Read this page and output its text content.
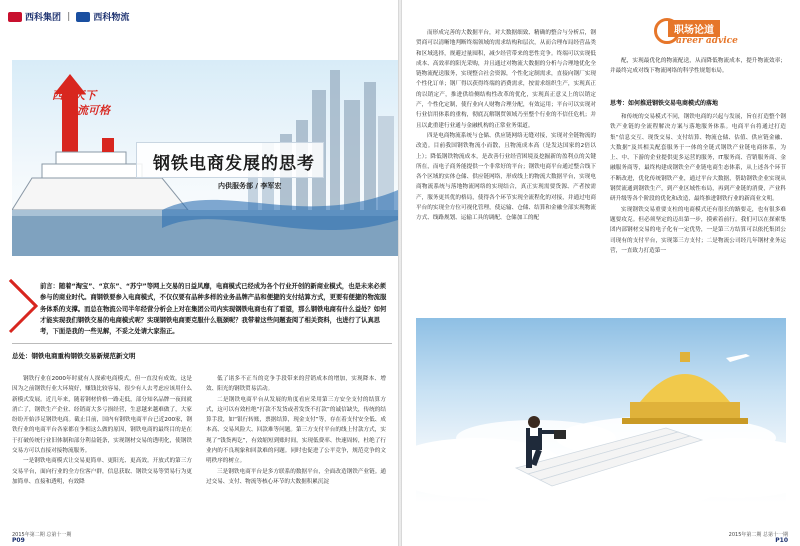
西科集团 |	西科物流
西承天下
物流可格
钢铁电商发展的思考
内供服务部 / 李军宏
前言：随着“淘宝”、“京东”、“苏宁”等网上交易的日益风靡，电商模式已经成为各个行业开创的新商业模式，也是未来必须参与的商业时代。商钢铁要参入电商模式，不仅仅要有品种多样的业务品牌产品和便捷的支付结算方式，更要有便捷的物流服务体系的支撑。而总在物流公司半年经营分析会上对在集团公司内实现钢铁电商也有了看望，那么钢铁电商有什么益处？如何才能实现我们钢铁交易的电商模式呢？实现钢铁电商要克服什么瓶颈呢？我带着这些问题查阅了相关资料，也进行了认真思考，下面是我的一些见解，不妥之处请大家指正。
总处：钢铁电商重构钢铁交易新规范新文明

钢铁行业在2000年时就有人探索电商模式，但一直没有成效。这是因为之前钢铁行业大环境好，赚钱比较容易，很少有人去考虑应该用什么新模式发展。近几年来，随着钢材价格一路走低，部分知名品牌一夜间就消亡了，钢铁生产企业、经销商大多亏损经营，生意越来越难做了，大家纷纷开始涉足钢铁电商。截止目前，国内有钢铁电商平台已近200家，钢铁行业的电商平台各家都在争相这么做的原因，钢铁电商的最终目的是在于打破传统行业旧体制和部分利益链条，实现钢材交易的透明化，使钢铁交易方可以直接对接物流服务。

一是钢铁电商模式让交易更简单、更阳光、更高效。开放式的第三方交易平台，面向行业的全方位客户群，信息获取、钢铁交易等贸易行为更加简单、直接和透明，有效降

低了诸多不正当的竞争手段带来的营销成本的增加，实现降本、增效、阳光的钢铁贸易活动。

二是钢铁电商平台从发展的角度看应采用第三方安全支付的结算方式，这可以有效杜绝“打款不发货或者发货不打款”的诚信缺失，传统的结算手段，如“银行转账，票据结算，现金支付”等，存在着支付安全低、成本高、交易风险大、回款难等问题。第三方支付平台的线上付款方式，实现了“钱货两讫”，有效缩短到账时间，实现低费率、快速周转，杜绝了行业内的不良现象和回款难的问题。同时也促进了公平竞争，规范竞争的文明秩序的树立。

三是钢铁电商平台是多方联系的数据平台，全面改造钢铁产业链。通过交易、支付、物流等核心环节的大数据积累沉淀

2015年第二期 总第十一期
P09
职场论道
areer advice

而形成完善的大数据平台，对大数据细致、精确的整合与分析后，钢贸商可以清晰地判断终端领域的需求结构和层次，从而合理布局经营品类和区域选择，规避过量囤积，减少经营带来的恶性竞争。终端可以实现低成本、高效率的阳光采购，并且通过对物流大数据的分析与合理地优化全链物流配送服务，实现整合社会资源，个性化定制需求，直接向钢厂实现个性化订单；钢厂得以获得终端的消费需求，按需求组织生产，实现真正的以销定产，推进供给侧结构性改革的优化，实现真正意义上的以销定产，个性化定制，使行业向人财物合理分配，有效运用；平台可以实现对行业信用体系的重构，彻底瓦解钢贸领域乃至整个行业的不信任危机；并且以此重建行业通与金融机构的正常业务渠道。

四是电商物流系统与仓储、供应链网络无缝对接，实现对全链物流的改造。目前我国钢铁物流小而散，且物流成本高（是发达国家的2倍以上）；降低钢铁物流成本，是改善行业经营困境及挖掘新的盈利点的关键所在，而电子商务能提供一个非常好的平台；钢铁电商平台通过整合线下各个区域的实体仓储、供应链网络，形成线上的物流大数据平台，实现电商物流系统与落地物流网络的实现结合，真正实现需要货源、产者按需产，服务更其优的格局，使得各个环节实现全流程化的对接，并通过电商平台的实现全方位可视化管理，使运输、仓储、结算和金融全部实现物流方式、线路规划、运输工具的调配、仓储加工的配

配，实现最优化的物流配送，从而降低物流成本，提升物流效率；并最终完成对线下物流网络的科学性规划布局。

思考：如何推进钢铁交易电商模式的落地

和传统的交易模式不同，钢铁电商的兴起与发展，旨在打造整个钢铁产业链的全流程解决方案与落地服务体系。电商平台将通过打造集“信息交互、现货交易、支付结算、物流仓储、估值、供应链金融、大数据”及其相关配套服务于一体的全链式钢铁产业链电商体系，为上、中、下游的企业提供更多运营的服务，IT服务商、营销服务商、金融服务商等，最终构建成钢铁全产业链电商生态体系，从上述各个环节不断改进，优化传统钢铁产业，通过平台大数据，帮助钢铁企业实现从钢贸流通到钢铁生产，到产业区域性布局，再到产业链的消费，产业科研升级等各个阶段的优化和改造，最终推进钢铁行业的新商业文明。

实现钢铁交易重要支柱的电商模式还有很长的路要走，也有很多难题要攻克。但必须坚定的迈出第一步，摸索着前行。我们可以在探索集团内部钢材交易的电子化有一定优势，一是第三方结算可以依托集团公司现有的支付平台，实现第三方支付；二是物流公司经几年钢材业务运营，一直致力打造第一

2015年第二期 总第十一期
P10
